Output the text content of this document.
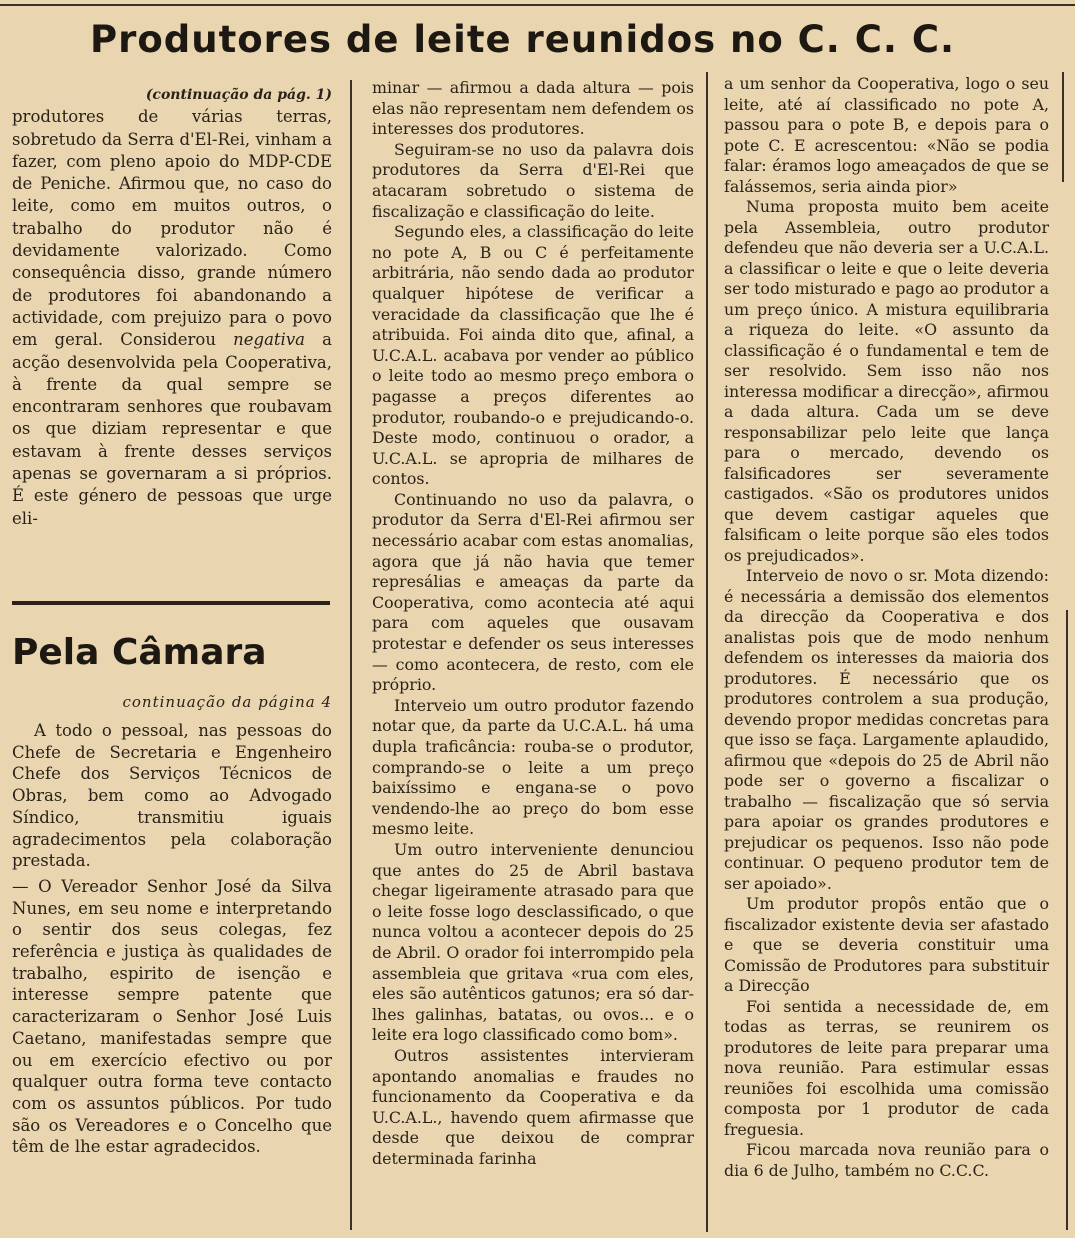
Produtores de leite reunidos no C. C. C.

(continuação da pág. 1)

produtores de várias terras, sobretudo da Serra d'El-Rei, vinham a fazer, com pleno apoio do MDP-CDE de Peniche. Afirmou que, no caso do leite, como em muitos outros, o trabalho do produtor não é devidamente valorizado. Como consequência disso, grande número de produtores foi abandonando a actividade, com prejuizo para o povo em geral. Considerou negativa a acção desenvolvida pela Cooperativa, à frente da qual sempre se encontraram senhores que roubavam os que diziam representar e que estavam à frente desses serviços apenas se governaram a si próprios. É este género de pessoas que urge eli-

Pela Câmara
continuação da página 4

A todo o pessoal, nas pessoas do Chefe de Secretaria e Engenheiro Chefe dos Serviços Técnicos de Obras, bem como ao Advogado Síndico, transmitiu iguais agradecimentos pela colaboração prestada.

— O Vereador Senhor José da Silva Nunes, em seu nome e interpretando o sentir dos seus colegas, fez referência e justiça às qualidades de trabalho, espirito de isenção e interesse sempre patente que caracterizaram o Senhor José Luis Caetano, manifestadas sempre que ou em exercício efectivo ou por qualquer outra forma teve contacto com os assuntos públicos. Por tudo são os Vereadores e o Concelho que têm de lhe estar agradecidos.

minar — afirmou a dada altura — pois elas não representam nem defendem os interesses dos produtores.

Seguiram-se no uso da palavra dois produtores da Serra d'El-Rei que atacaram sobretudo o sistema de fiscalização e classificação do leite.

Segundo eles, a classificação do leite no pote A, B ou C é perfeitamente arbitrária, não sendo dada ao produtor qualquer hipótese de verificar a veracidade da classificação que lhe é atribuida. Foi ainda dito que, afinal, a U.C.A.L. acabava por vender ao público o leite todo ao mesmo preço embora o pagasse a preços diferentes ao produtor, roubando-o e prejudicando-o. Deste modo, continuou o orador, a U.C.A.L. se apropria de milhares de contos.

Continuando no uso da palavra, o produtor da Serra d'El-Rei afirmou ser necessário acabar com estas anomalias, agora que já não havia que temer represálias e ameaças da parte da Cooperativa, como acontecia até aqui para com aqueles que ousavam protestar e defender os seus interesses — como acontecera, de resto, com ele próprio.

Interveio um outro produtor fazendo notar que, da parte da U.C.A.L. há uma dupla traficância: rouba-se o produtor, comprando-se o leite a um preço baixíssimo e engana-se o povo vendendo-lhe ao preço do bom esse mesmo leite.

Um outro interveniente denunciou que antes do 25 de Abril bastava chegar ligeiramente atrasado para que o leite fosse logo desclassificado, o que nunca voltou a acontecer depois do 25 de Abril. O orador foi interrompido pela assembleia que gritava «rua com eles, eles são autênticos gatunos; era só dar-lhes galinhas, batatas, ou ovos... e o leite era logo classificado como bom».

Outros assistentes intervieram apontando anomalias e fraudes no funcionamento da Cooperativa e da U.C.A.L., havendo quem afirmasse que desde que deixou de comprar determinada farinha

a um senhor da Cooperativa, logo o seu leite, até aí classificado no pote A, passou para o pote B, e depois para o pote C. E acrescentou: «Não se podia falar: éramos logo ameaçados de que se falássemos, seria ainda pior»

Numa proposta muito bem aceite pela Assembleia, outro produtor defendeu que não deveria ser a U.C.A.L. a classificar o leite e que o leite deveria ser todo misturado e pago ao produtor a um preço único. A mistura equilibraria a riqueza do leite. «O assunto da classificação é o fundamental e tem de ser resolvido. Sem isso não nos interessa modificar a direcção», afirmou a dada altura. Cada um se deve responsabilizar pelo leite que lança para o mercado, devendo os falsificadores ser severamente castigados. «São os produtores unidos que devem castigar aqueles que falsificam o leite porque são eles todos os prejudicados».

Interveio de novo o sr. Mota dizendo: é necessária a demissão dos elementos da direcção da Cooperativa e dos analistas pois que de modo nenhum defendem os interesses da maioria dos produtores. É necessário que os produtores controlem a sua produção, devendo propor medidas concretas para que isso se faça. Largamente aplaudido, afirmou que «depois do 25 de Abril não pode ser o governo a fiscalizar o trabalho — fiscalização que só servia para apoiar os grandes produtores e prejudicar os pequenos. Isso não pode continuar. O pequeno produtor tem de ser apoiado».

Um produtor propôs então que o fiscalizador existente devia ser afastado e que se deveria constituir uma Comissão de Produtores para substituir a Direcção

Foi sentida a necessidade de, em todas as terras, se reunirem os produtores de leite para preparar uma nova reunião. Para estimular essas reuniões foi escolhida uma comissão composta por 1 produtor de cada freguesia.

Ficou marcada nova reunião para o dia 6 de Julho, também no C.C.C.
